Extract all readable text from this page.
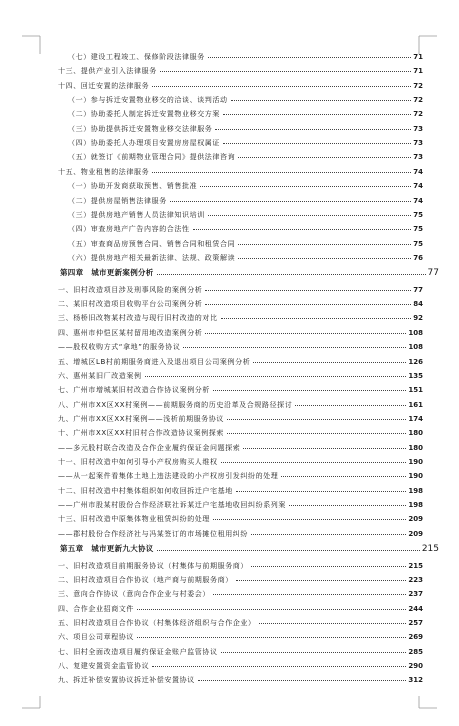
（七）建设工程竣工、保修阶段法律服务	71
十三、提供产业引入法律服务	71
十四、回迁安置的法律服务	72
（一）参与拆迁安置物业移交的洽谈、谈判活动	72
（二）协助委托人制定拆迁安置物业移交方案	72
（三）协助提供拆迁安置物业移交法律服务	73
（四）协助委托人办理项目安置房房屋权属证	73
（五）就签订《前期物业管理合同》提供法律咨询	73
十五、物业租售的法律服务	74
（一）协助开发商获取预售、销售批准	74
（二）提供房屋销售法律服务	74
（三）提供房地产销售人员法律知识培训	75
（四）审查房地产广告内容的合法性	75
（五）审查商品房预售合同、销售合同和租赁合同	75
（六）提供房地产相关最新法律、法规、政策解读	76
第四章　城市更新案例分析	77
一、旧村改造项目涉及刑事风险的案例分析	77
二、某旧村改造项目收购平台公司案例分析	84
三、杨桥旧改物某村改造与现行旧村改造的对比	92
四、惠州市仲恺区某村留用地改造案例分析	108
——股权收购方式“拿地”的服务协议	108
五、增城区LB村前期服务商进入及退出项目公司案例分析	126
六、惠州某旧厂改造案例	135
七、广州市增城某旧村改造合作协议案例分析	151
八、广州市XX区XX村案例——前期服务商的历史沿革及合规路径探讨	161
九、广州市XX区XX村案例——浅析前期服务协议	174
十、广州市XX区XX村旧村合作改造协议案例探索	180
——多元股村联合改造及合作企业履约保证金问题探索	180
十一、旧村改造中如何引导小产权房购买人维权	190
——从一起案件看集体土地上违法建设的小产权房引发纠纷的处理	190
十二、旧村改造中村集体组织如何收回拆迁户宅基地	198
——广州市股某村股份合作经济联社诉某迁户宅基地收回纠纷系列案	198
十三、旧村改造中原集体物业租赁纠纷的处理	209
——郡村股份合作经济社与冯某签订的市场摊位租用纠纷	209
第五章　城市更新九大协议	215
一、旧村改造项目前期服务协议（村集体与前期服务商）	215
二、旧村改造项目合作协议（地产商与前期服务商）	223
三、意向合作协议（意向合作企业与村委会）	237
四、合作企业招商文件	244
五、旧村改造项目合作协议（村集体经济组织与合作企业）	257
六、项目公司章程协议	269
七、旧村全面改造项目履约保证金账户监管协议	285
八、复建安置资金监管协议	290
九、拆迁补偿安置协议拆迁补偿安置协议	312
